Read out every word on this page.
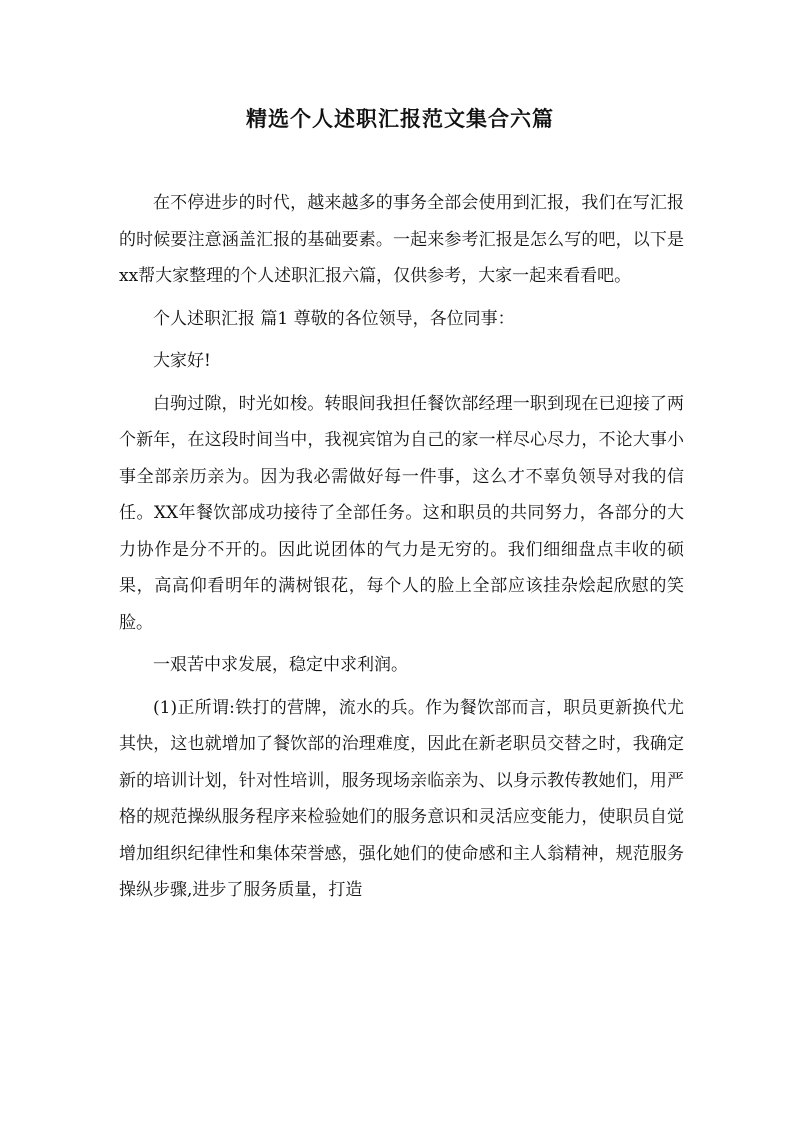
精选个人述职汇报范文集合六篇

在不停进步的时代，越来越多的事务全部会使用到汇报，我们在写汇报的时候要注意涵盖汇报的基础要素。一起来参考汇报是怎么写的吧，以下是xx帮大家整理的个人述职汇报六篇，仅供参考，大家一起来看看吧。

个人述职汇报 篇1 尊敬的各位领导，各位同事：

大家好!

白驹过隙，时光如梭。转眼间我担任餐饮部经理一职到现在已迎接了两个新年，在这段时间当中，我视宾馆为自己的家一样尽心尽力，不论大事小事全部亲历亲为。因为我必需做好每一件事，这么才不辜负领导对我的信任。XX年餐饮部成功接待了全部任务。这和职员的共同努力，各部分的大力协作是分不开的。因此说团体的气力是无穷的。我们细细盘点丰收的硕果，高高仰看明年的满树银花，每个人的脸上全部应该挂杂烩起欣慰的笑脸。

一艰苦中求发展，稳定中求利润。

(1)正所谓:铁打的营牌，流水的兵。作为餐饮部而言，职员更新换代尤其快，这也就增加了餐饮部的治理难度，因此在新老职员交替之时，我确定新的培训计划，针对性培训，服务现场亲临亲为、以身示教传教她们，用严格的规范操纵服务程序来检验她们的服务意识和灵活应变能力，使职员自觉增加组织纪律性和集体荣誉感，强化她们的使命感和主人翁精神，规范服务操纵步骤,进步了服务质量，打造
